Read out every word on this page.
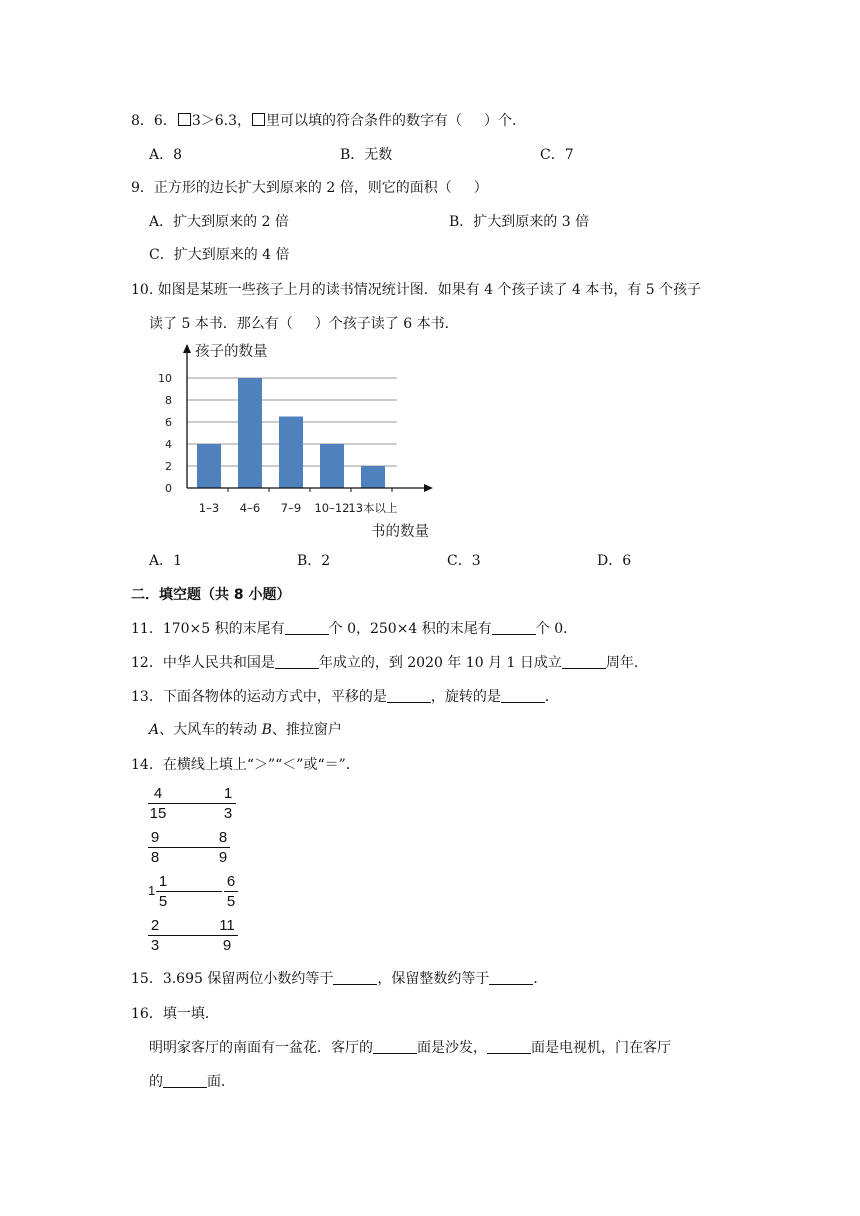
8．6． 3＞6.3， 里可以填的符合条件的数字有（ ）个．
A．8	B．无数	C．7
9．正方形的边长扩大到原来的 2 倍，则它的面积（ ）
A．扩大到原来的 2 倍	B．扩大到原来的 3 倍
C．扩大到原来的 4 倍
10. 如图是某班一些孩子上月的读书情况统计图．如果有 4 个孩子读了 4 本书，有 5 个孩子
读了 5 本书．那么有（ ）个孩子读了 6 本书．
0
2
4
6
8
10
1–3 4–6 7–9 10–12
13本以上
孩子的数量
书的数量
A．1	B．2	C．3	D．6
二．填空题（共 8 小题）
11．170×5 积的末尾有	个 0，250×4 积的末尾有	个 0．
12．中华人民共和国是	年成立的，到 2020 年 10 月 1 日成立	周年．
13．下面各物体的运动方式中，平移的是	，旋转的是	．
A、大风车的转动 B、推拉窗户
14．在横线上填上“＞”“＜”或“＝”．
4
15
1
3
9
8
8
9
1
1
5
6
5
2
3
11
9
15．3.695 保留两位小数约等于	，保留整数约等于	．
16．填一填．
明明家客厅的南面有一盆花．客厅的	面是沙发，	面是电视机，门在客厅
的	面．
